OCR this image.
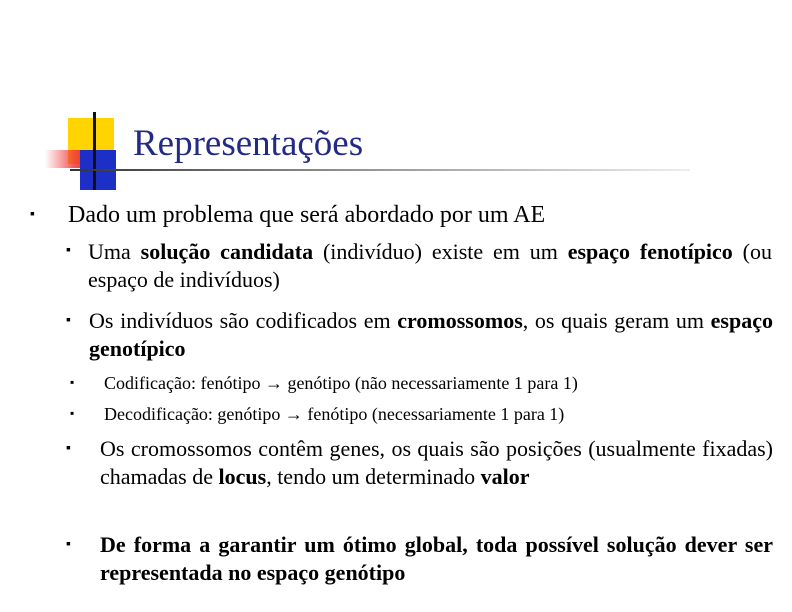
Representações
▪ Dado um problema que será abordado por um AE
▪ Uma solução candidata (indivíduo) existe em um espaço fenotípico (ou espaço de indivíduos)
▪ Os indivíduos são codificados em cromossomos, os quais geram um espaço genotípico
▪ Codificação: fenótipo → genótipo (não necessariamente 1 para 1)
▪ Decodificação: genótipo → fenótipo (necessariamente 1 para 1)
▪ Os cromossomos contêm genes, os quais são posições (usualmente fixadas) chamadas de locus, tendo um determinado valor
▪ De forma a garantir um ótimo global, toda possível solução dever ser representada no espaço genótipo
